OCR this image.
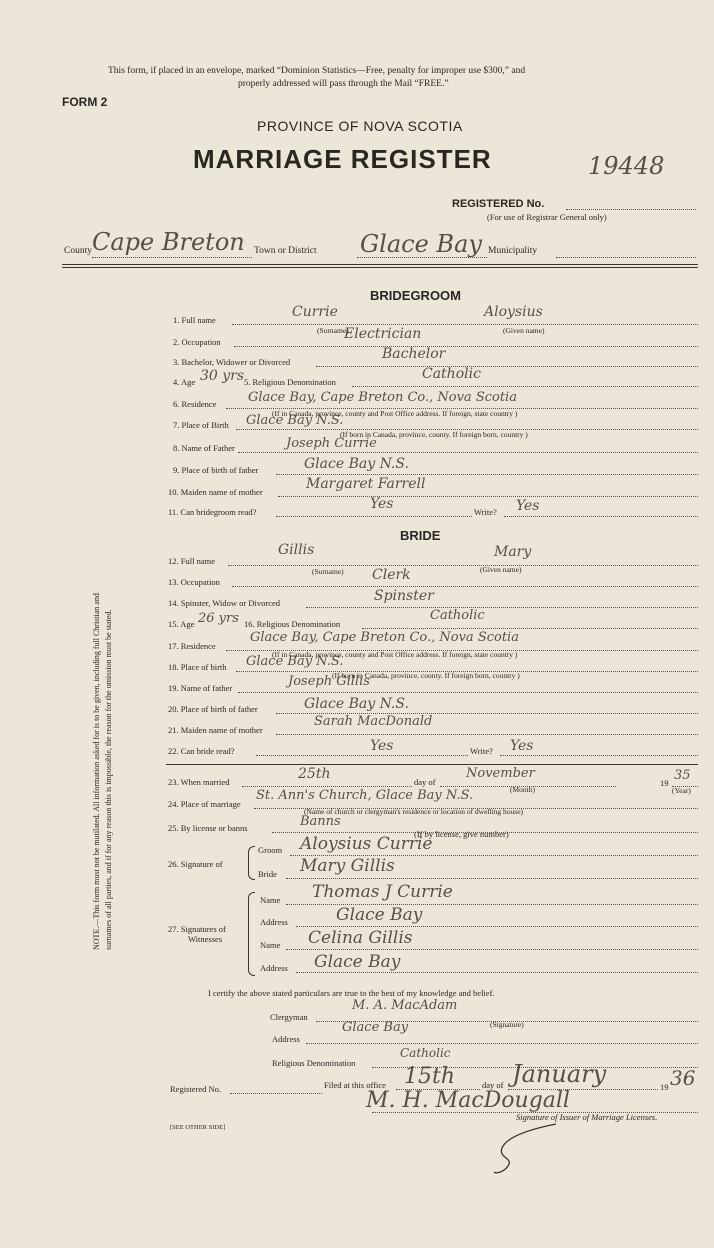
This form, if placed in an envelope, marked “Dominion Statistics—Free, penalty for improper use $300,” and
properly addressed will pass through the Mail “FREE.”
FORM 2
PROVINCE OF NOVA SCOTIA
MARRIAGE REGISTER	19448
REGISTERED No.
(For use of Registrar General only)
County Cape Breton Town or District Glace Bay Municipality
BRIDEGROOM
1. Full name	Currie	Aloysius
(Surname)	(Given name)
2. Occupation	Electrician
3. Bachelor, Widower or Divorced	Bachelor
4. Age 30 yrs 5. Religious Denomination	Catholic
6. Residence Glace Bay, Cape Breton Co., Nova Scotia
(If in Canada, province, county and Post Office address. If foreign, state country )
7. Place of Birth Glace Bay N.S.
(If born in Canada, province, county. If foreign born, country )
8. Name of Father	Joseph Currie
9. Place of birth of father	Glace Bay N.S.
10. Maiden name of mother	Margaret Farrell
11. Can bridegroom read?	Yes	Write? Yes
BRIDE
12. Full name
Gillis	Mary
(Surname)	(Given name)
13. Occupation	Clerk
14. Spinster, Widow or Divorced	Spinster
15. Age 26 yrs 16. Religious Denomination
Catholic
17. Residence
Glace Bay, Cape Breton Co., Nova Scotia
(If in Canada, province, county and Post Office address. If foreign, state country )
18. Place of birth Glace Bay N.S.
(If born in Canada, province, county. If foreign born, country )
19. Name of father	Joseph Gillis
20. Place of birth of father	Glace Bay N.S.
21. Maiden name of mother
Sarah MacDonald
22. Can bride read?	Yes	Write? Yes
23. When married	25th	day of
November
(Month)
19 35
(Year)
24. Place of marriage
St. Ann's Church, Glace Bay N.S.
(Name of church or clergyman's residence or location of dwelling house)
25. By license or banns	Banns
(If by license, give number)
26. Signature of
Groom Aloysius Currie
Bride Mary Gillis
27. Signatures of
Witnesses
Name Thomas J Currie
Address	Glace Bay
Name Celina Gillis
Address Glace Bay
I certify the above stated particulars are true to the best of my knowledge and belief.
Clergyman
M. A. MacAdam
(Signature)
Address
Glace Bay
Religious Denomination
Catholic
Registered No.	Filed at this office 15th	day of January	19 36
M. H. MacDougall
Signature of Issuer of Marriage Licenses.
[SEE OTHER SIDE]
NOTE.—This form must not be mutilated. All information asked for is to be given, including full Christian and surnames of all parties, and if for any reason this is impossible, the reason for the omission must be stated.
